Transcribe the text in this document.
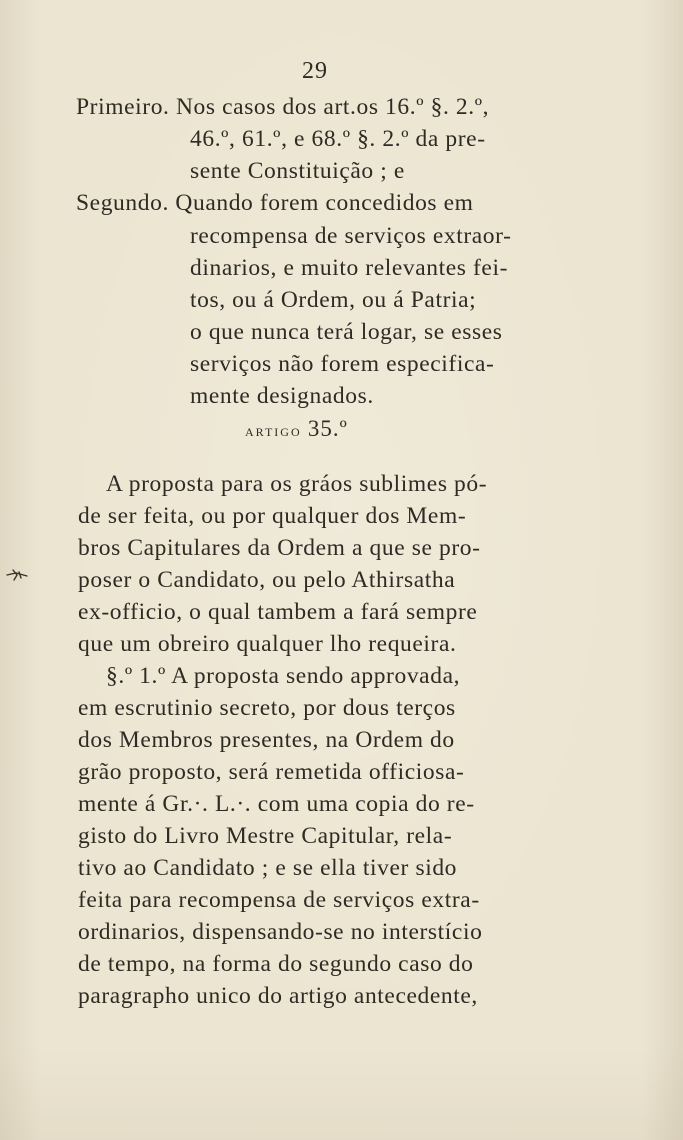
29
Primeiro. Nos casos dos art.os 16.º §. 2.º,
46.º, 61.º, e 68.º §. 2.º da pre-
sente Constituição ; e
Segundo. Quando forem concedidos em
recompensa de serviços extraor-
dinarios, e muito relevantes fei-
tos, ou á Ordem, ou á Patria;
o que nunca terá logar, se esses
serviços não forem especifica-
mente designados.
artigo 35.º
A proposta para os gráos sublimes pó-
de ser feita, ou por qualquer dos Mem-
bros Capitulares da Ordem a que se pro-
poser o Candidato, ou pelo Athirsatha
ex-officio, o qual tambem a fará sempre
que um obreiro qualquer lho requeira.
§.º 1.º A proposta sendo approvada,
em escrutinio secreto, por dous terços
dos Membros presentes, na Ordem do
grão proposto, será remetida officiosa-
mente á Gr.·. L.·. com uma copia do re-
gisto do Livro Mestre Capitular, rela-
tivo ao Candidato ; e se ella tiver sido
feita para recompensa de serviços extra-
ordinarios, dispensando-se no interstício
de tempo, na forma do segundo caso do
paragrapho unico do artigo antecedente,
